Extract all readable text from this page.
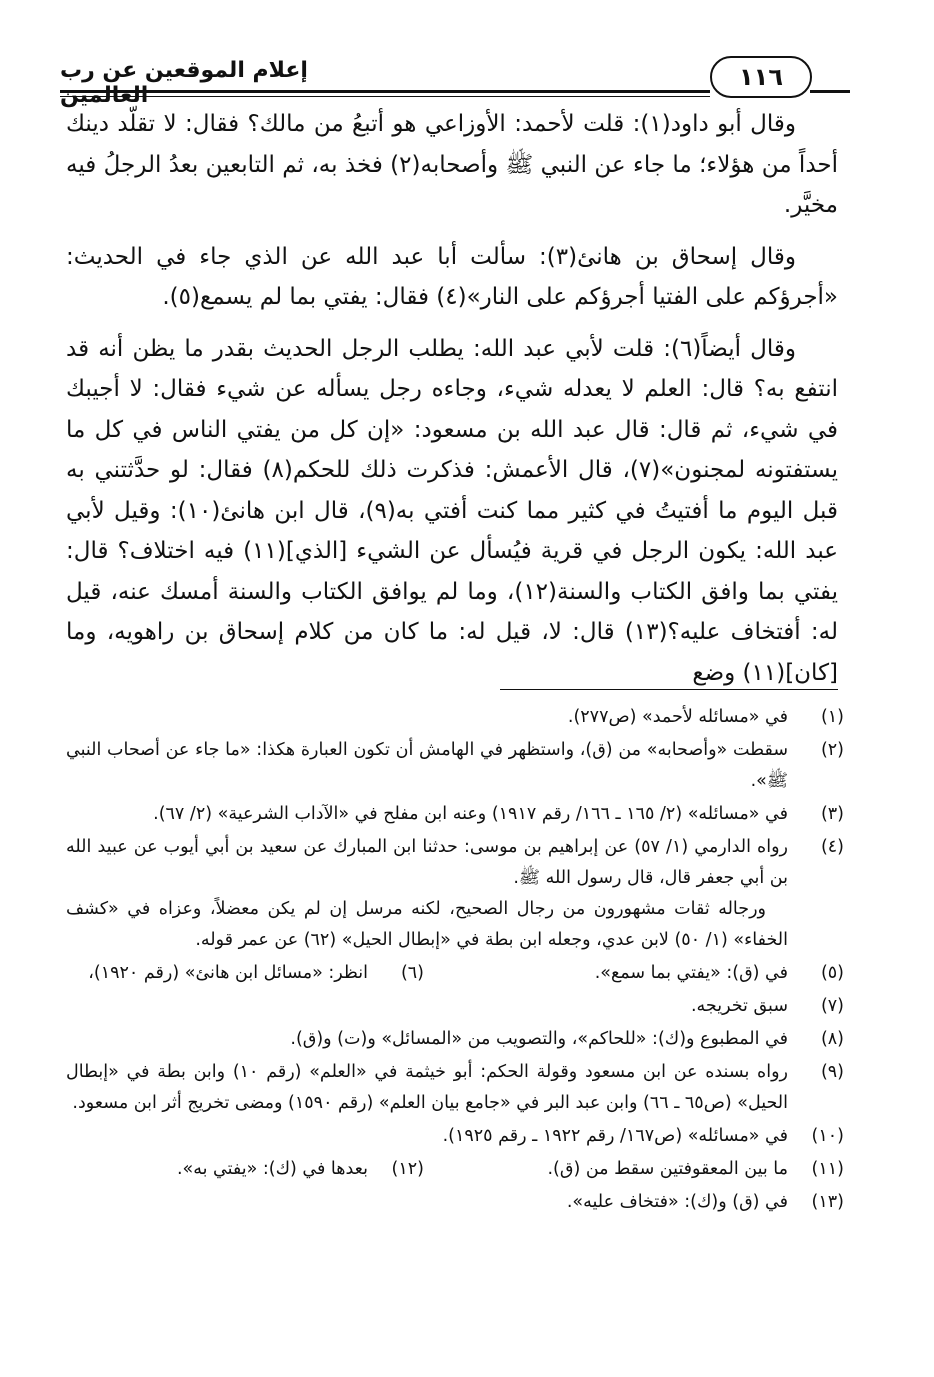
إعلام الموقعين عن رب	١١٦

وقال أبو داود(١): قلت لأحمد: الأوزاعي هو أتبعُ من مالك؟ فقال: لا تقلّد دينك أحداً من هؤلاء؛ ما جاء عن النبي ﷺ وأصحابه(٢) فخذ به، ثم التابعين بعدُ الرجلُ فيه مخيَّر.

وقال إسحاق بن هانئ(٣): سألت أبا عبد الله عن الذي جاء في الحديث: «أجرؤكم على الفتيا أجرؤكم على النار»(٤) فقال: يفتي بما لم يسمع(٥).

وقال أيضاً(٦): قلت لأبي عبد الله: يطلب الرجل الحديث بقدر ما يظن أنه قد انتفع به؟ قال: العلم لا يعدله شيء، وجاءه رجل يسأله عن شيء فقال: لا أجيبك في شيء، ثم قال: قال عبد الله بن مسعود: «إن كل من يفتي الناس في كل ما يستفتونه لمجنون»(٧)، قال الأعمش: فذكرت ذلك للحكم(٨) فقال: لو حدَّثتني به قبل اليوم ما أفتيتُ في كثير مما كنت أفتي به(٩)، قال ابن هانئ(١٠): وقيل لأبي عبد الله: يكون الرجل في قرية فيُسأل عن الشيء [الذي](١١) فيه اختلاف؟ قال: يفتي بما وافق الكتاب والسنة(١٢)، وما لم يوافق الكتاب والسنة أمسك عنه، قيل له: أفتخاف عليه؟(١٣) قال: لا، قيل له: ما كان من كلام إسحاق بن راهويه، وما [كان](١١) وضع

(١)
في «مسائله لأحمد» (ص٢٧٧).
(٢)
سقطت «وأصحابه» من (ق)، واستظهر في الهامش أن تكون العبارة هكذا: «ما جاء عن أصحاب النبي ﷺ».
(٣)
في «مسائله» (٢/ ١٦٥ ـ ١٦٦/ رقم ١٩١٧) وعنه ابن مفلح في «الآداب الشرعية» (٢/ ٦٧).
(٤)
رواه الدارمي (١/ ٥٧) عن إبراهيم بن موسى: حدثنا ابن المبارك عن سعيد بن أبي أيوب عن عبيد الله بن أبي جعفر قال، قال رسول الله ﷺ.
ورجاله ثقات مشهورون من رجال الصحيح، لكنه مرسل إن لم يكن معضلاً، وعزاه في «كشف الخفاء» (١/ ٥٠) لابن عدي، وجعله ابن بطة في «إبطال الحيل» (٦٢) عن عمر قوله.
(٥)
في (ق): «يفتي بما سمع».
(٦)
انظر: «مسائل ابن هانئ» (رقم ١٩٢٠)،
(٧)
سبق تخريجه.
(٨)
في المطبوع و(ك): «للحاكم»، والتصويب من «المسائل» و(ت) و(ق).
(٩)
رواه بسنده عن ابن مسعود وقولة الحكم: أبو خيثمة في «العلم» (رقم ١٠) وابن بطة في «إبطال الحيل» (ص٦٥ ـ ٦٦) وابن عبد البر في «جامع بيان العلم» (رقم ١٥٩٠) ومضى تخريج أثر ابن مسعود.
(١٠)
في «مسائله» (ص١٦٧/ رقم ١٩٢٢ ـ رقم ١٩٢٥).
(١١)
ما بين المعقوفتين سقط من (ق).
(١٢)
بعدها في (ك): «يفتي به».
(١٣)
في (ق) و(ك): «فتخاف عليه».
